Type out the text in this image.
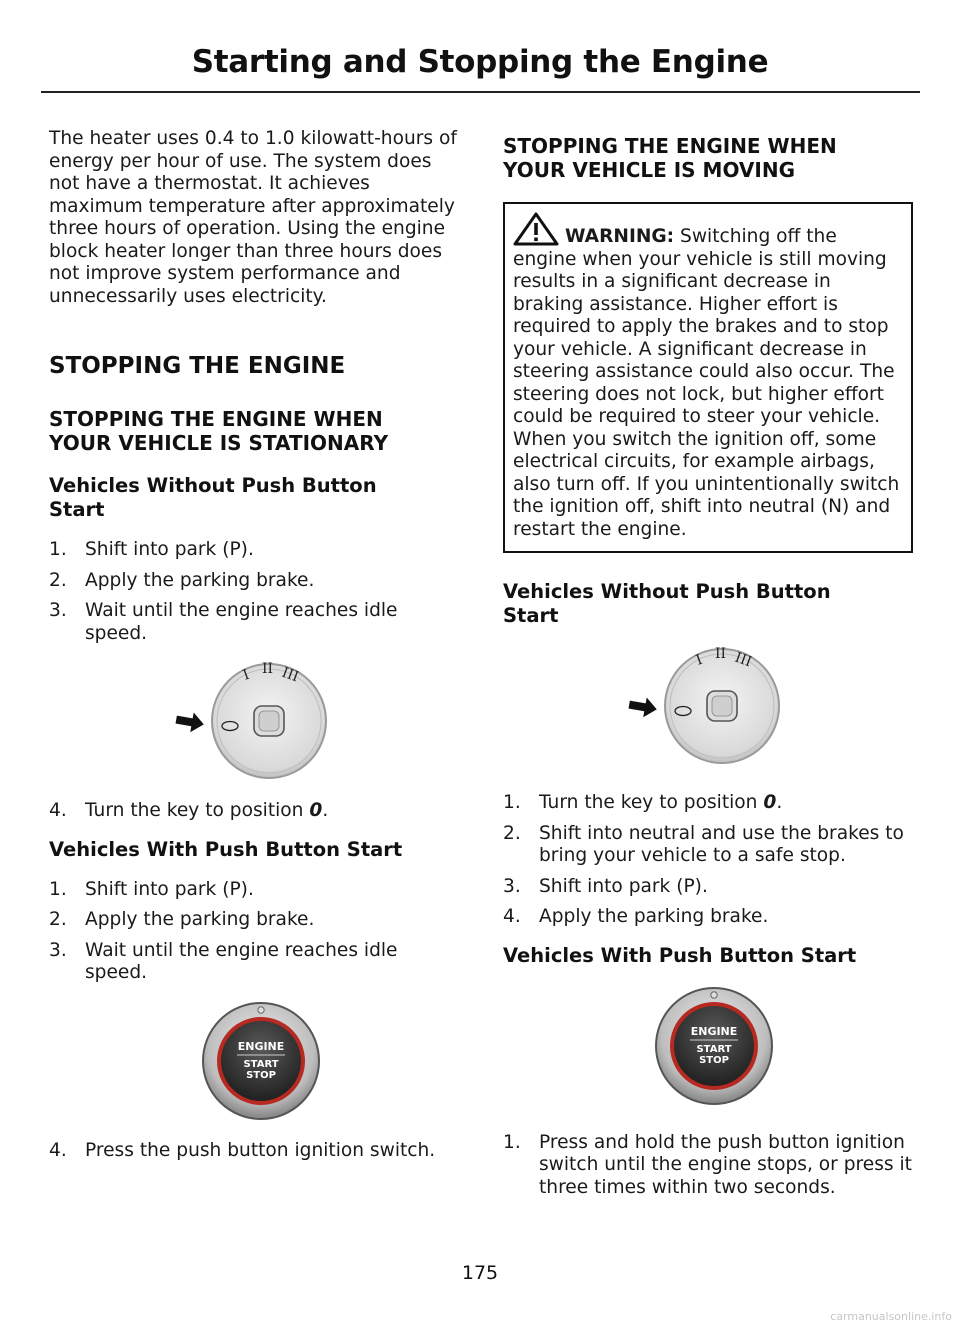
Starting and Stopping the Engine

The heater uses 0.4 to 1.0 kilowatt-hours of energy per hour of use. The system does not have a thermostat. It achieves maximum temperature after approximately three hours of operation. Using the engine block heater longer than three hours does not improve system performance and unnecessarily uses electricity.

STOPPING THE ENGINE
STOPPING THE ENGINE WHEN
YOUR VEHICLE IS STATIONARY
Vehicles Without Push Button
Start
1. Shift into park (P).
2. Apply the parking brake.
3. Wait until the engine reaches idle speed.
I II III
4. Turn the key to position 0.
Vehicles With Push Button Start
1. Shift into park (P).
2. Apply the parking brake.
3. Wait until the engine reaches idle speed.
ENGINE
START
STOP
4. Press the push button ignition switch.
STOPPING THE ENGINE WHEN
YOUR VEHICLE IS MOVING

WARNING: Switching off the engine when your vehicle is still moving results in a significant decrease in braking assistance. Higher effort is required to apply the brakes and to stop your vehicle. A significant decrease in steering assistance could also occur. The steering does not lock, but higher effort could be required to steer your vehicle. When you switch the ignition off, some electrical circuits, for example airbags, also turn off. If you unintentionally switch the ignition off, shift into neutral (N) and restart the engine.

Vehicles Without Push Button
Start
I II III
1. Turn the key to position 0.
2. Shift into neutral and use the brakes to bring your vehicle to a safe stop.
3. Shift into park (P).
4. Apply the parking brake.
Vehicles With Push Button Start
ENGINE
START
STOP
1. Press and hold the push button ignition switch until the engine stops, or press it three times within two seconds.
175
carmanualsonline.info
